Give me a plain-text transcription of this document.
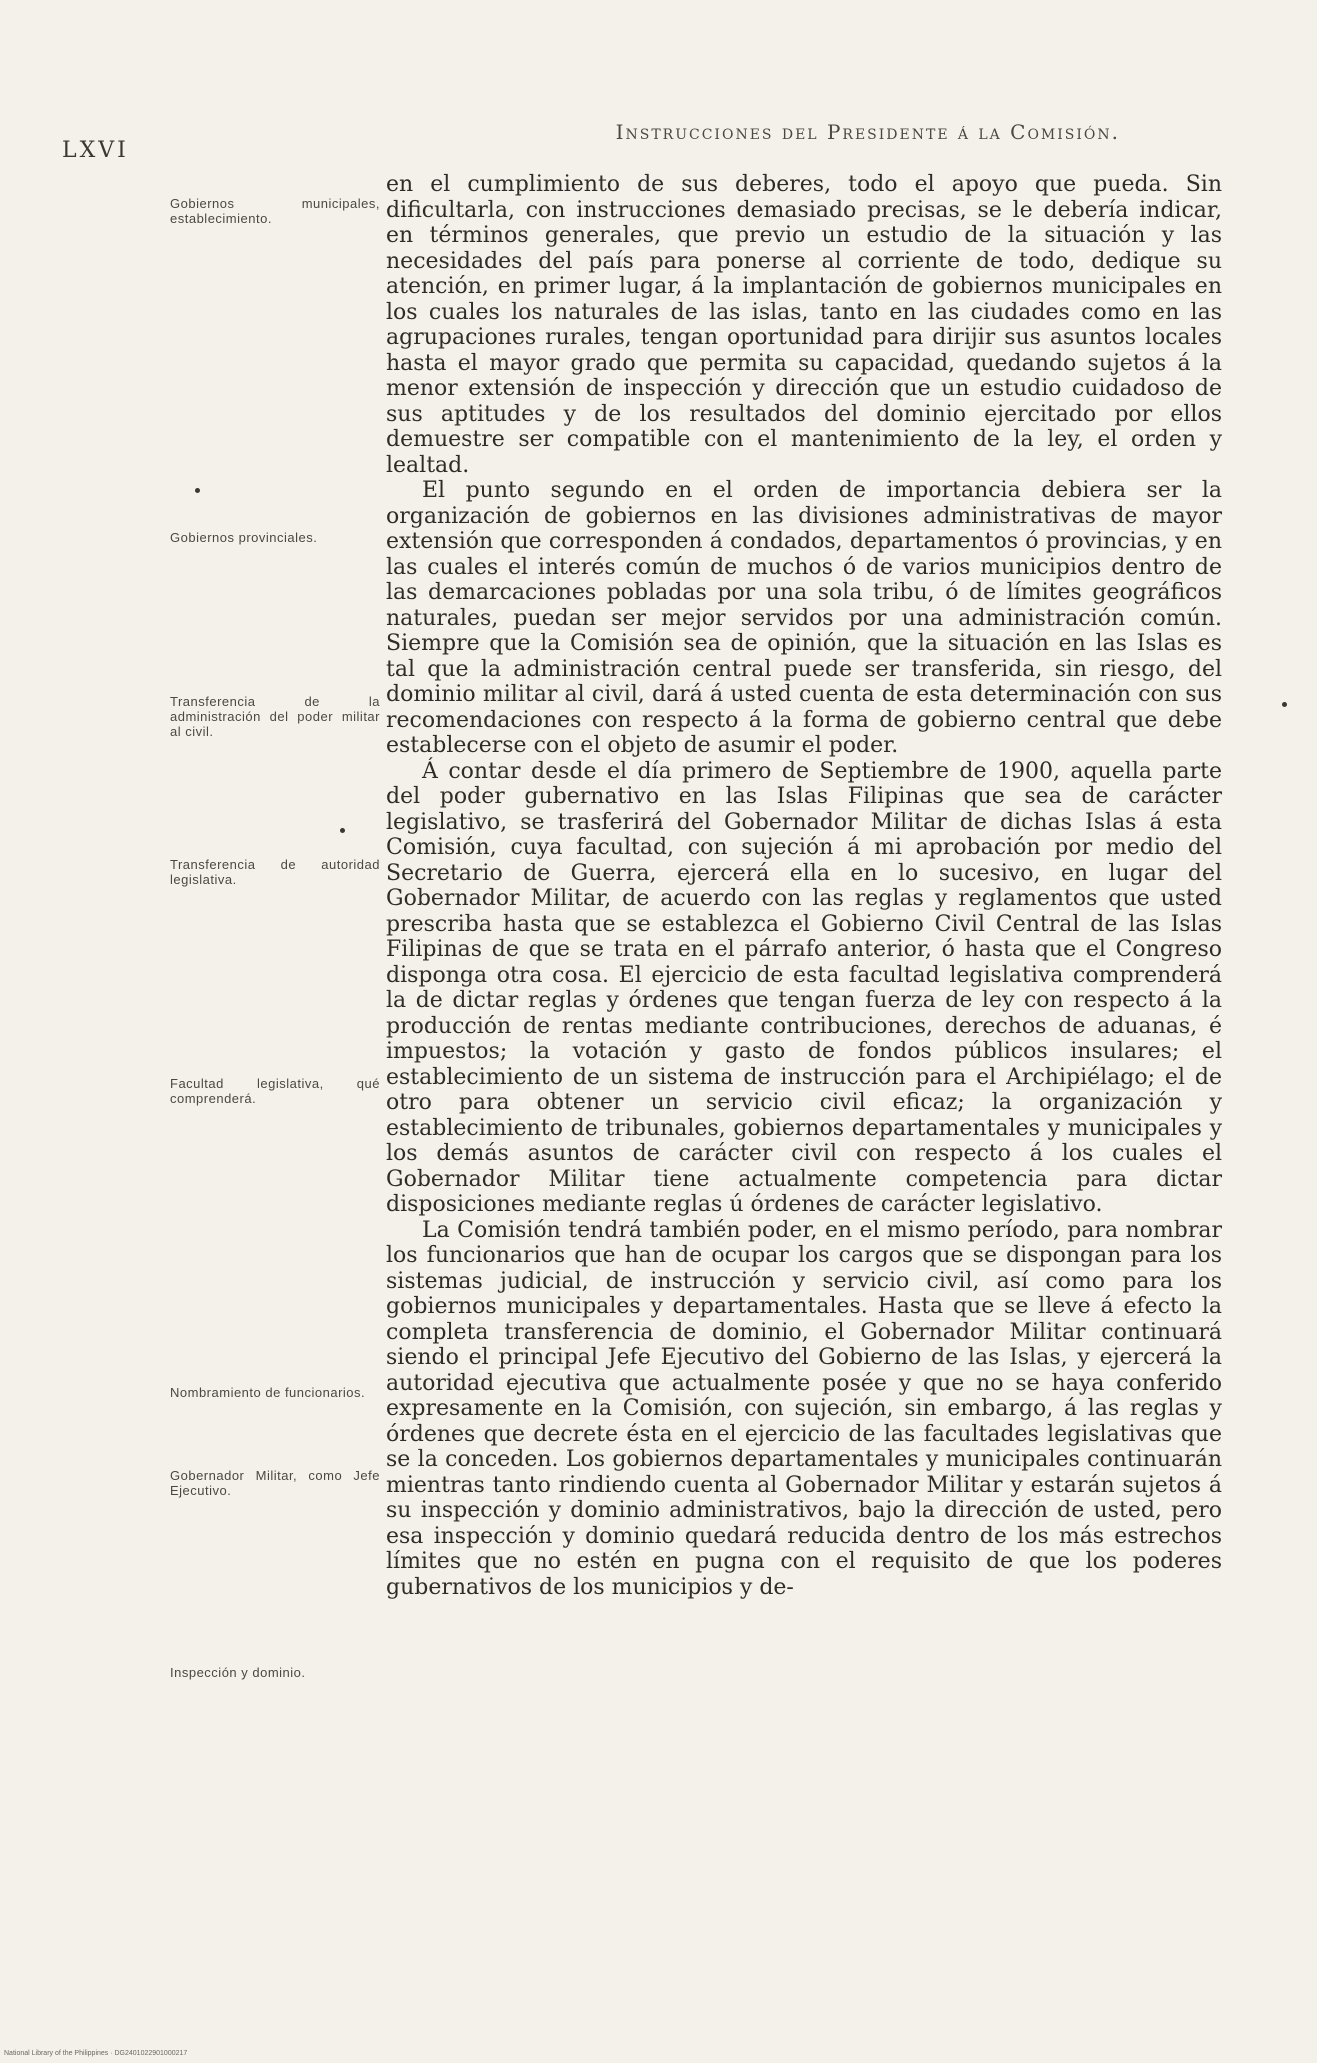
LXVI
Instrucciones del Presidente á la Comisión.
Gobiernos municipales, establecimiento.
Gobiernos provinciales.
Transferencia de la administración del poder militar al civil.
Transferencia de autoridad legislativa.
Facultad legislativa, qué comprenderá.
Nombramiento de funcionarios.
Gobernador Militar, como Jefe Ejecutivo.
Inspección y dominio.

en el cumplimiento de sus deberes, todo el apoyo que pueda. Sin dificultarla, con instrucciones demasiado precisas, se le debería indicar, en términos generales, que previo un estudio de la situación y las necesidades del país para ponerse al corriente de todo, dedique su atención, en primer lugar, á la implantación de gobiernos municipales en los cuales los naturales de las islas, tanto en las ciudades como en las agrupaciones rurales, tengan oportunidad para dirijir sus asuntos locales hasta el mayor grado que permita su capacidad, quedando sujetos á la menor extensión de inspección y dirección que un estudio cuidadoso de sus aptitudes y de los resultados del dominio ejercitado por ellos demuestre ser compatible con el mantenimiento de la ley, el orden y lealtad.

El punto segundo en el orden de importancia debiera ser la organización de gobiernos en las divisiones administrativas de mayor extensión que corresponden á condados, departamentos ó provincias, y en las cuales el interés común de muchos ó de varios municipios dentro de las demarcaciones pobladas por una sola tribu, ó de límites geográficos naturales, puedan ser mejor servidos por una administración común. Siempre que la Comisión sea de opinión, que la situación en las Islas es tal que la administración central puede ser transferida, sin riesgo, del dominio militar al civil, dará á usted cuenta de esta determinación con sus recomendaciones con respecto á la forma de gobierno central que debe establecerse con el objeto de asumir el poder.

Á contar desde el día primero de Septiembre de 1900, aquella parte del poder gubernativo en las Islas Filipinas que sea de carácter legislativo, se trasferirá del Gobernador Militar de dichas Islas á esta Comisión, cuya facultad, con sujeción á mi aprobación por medio del Secretario de Guerra, ejercerá ella en lo sucesivo, en lugar del Gobernador Militar, de acuerdo con las reglas y reglamentos que usted prescriba hasta que se establezca el Gobierno Civil Central de las Islas Filipinas de que se trata en el párrafo anterior, ó hasta que el Congreso disponga otra cosa. El ejercicio de esta facultad legislativa comprenderá la de dictar reglas y órdenes que tengan fuerza de ley con respecto á la producción de rentas mediante contribuciones, derechos de aduanas, é impuestos; la votación y gasto de fondos públicos insulares; el establecimiento de un sistema de instrucción para el Archipiélago; el de otro para obtener un servicio civil eficaz; la organización y establecimiento de tribunales, gobiernos departamentales y municipales y los demás asuntos de carácter civil con respecto á los cuales el Gobernador Militar tiene actualmente competencia para dictar disposiciones mediante reglas ú órdenes de carácter legislativo.

La Comisión tendrá también poder, en el mismo período, para nombrar los funcionarios que han de ocupar los cargos que se dispongan para los sistemas judicial, de instrucción y servicio civil, así como para los gobiernos municipales y departamentales. Hasta que se lleve á efecto la completa transferencia de dominio, el Gobernador Militar continuará siendo el principal Jefe Ejecutivo del Gobierno de las Islas, y ejercerá la autoridad ejecutiva que actualmente posée y que no se haya conferido expresamente en la Comisión, con sujeción, sin embargo, á las reglas y órdenes que decrete ésta en el ejercicio de las facultades legislativas que se la conceden. Los gobiernos departamentales y municipales continuarán mientras tanto rindiendo cuenta al Gobernador Militar y estarán sujetos á su inspección y dominio administrativos, bajo la dirección de usted, pero esa inspección y dominio quedará reducida dentro de los más estrechos límites que no estén en pugna con el requisito de que los poderes gubernativos de los municipios y de-

National Library of the Philippines · DG2401022901000217
